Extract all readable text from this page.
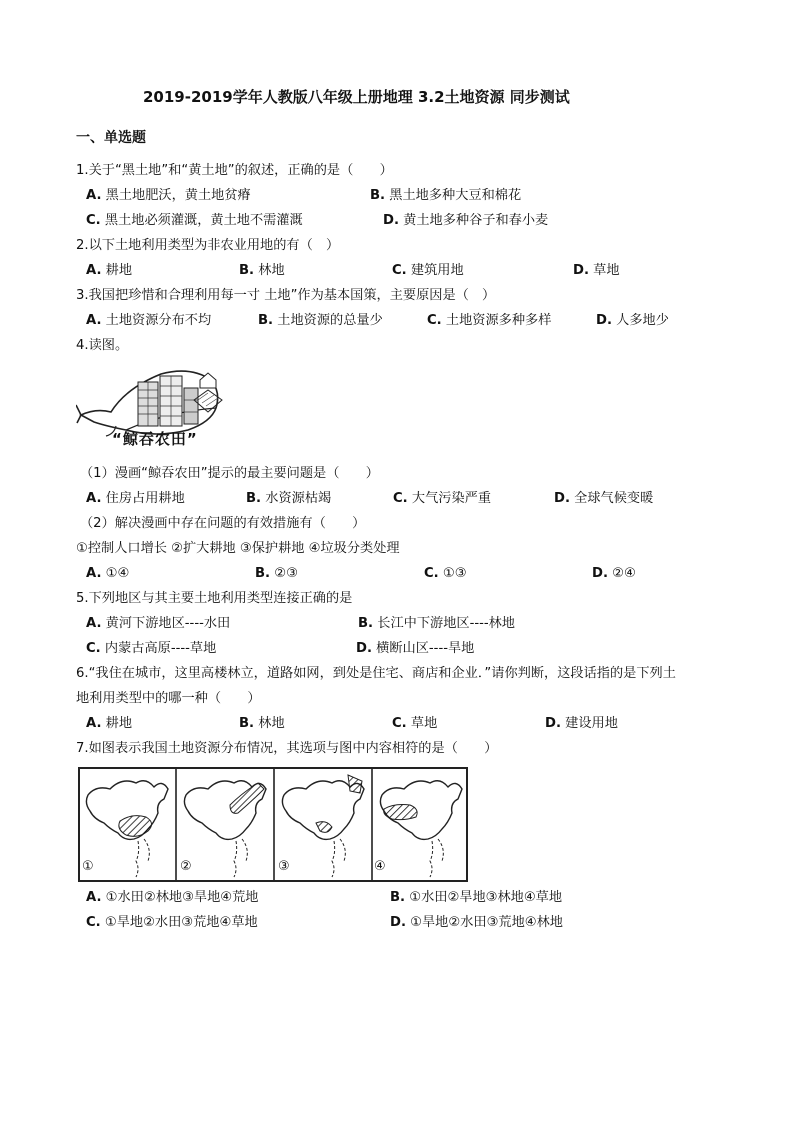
2019-2019学年人教版八年级上册地理 3.2土地资源 同步测试
一、单选题
1.关于“黑土地”和“黄土地”的叙述，正确的是（　　）
A. 黑土地肥沃，黄土地贫瘠	B. 黑土地多种大豆和棉花
C. 黑土地必须灌溉，黄土地不需灌溉	D. 黄土地多种谷子和春小麦
2.以下土地利用类型为非农业用地的有（　）
A. 耕地	B. 林地	C. 建筑用地	D. 草地
3.我国把珍惜和合理利用每一寸 土地”作为基本国策，主要原因是（　）
A. 土地资源分布不均	B. 土地资源的总量少	C. 土地资源多种多样	D. 人多地少
4.读图。
“鲸吞农田”
（1）漫画“鲸吞农田”提示的最主要问题是（　　）
A. 住房占用耕地	B. 水资源枯竭	C. 大气污染严重	D. 全球气候变暖
（2）解决漫画中存在问题的有效措施有（　　）
①控制人口增长 ②扩大耕地 ③保护耕地 ④垃圾分类处理
A. ①④	B. ②③	C. ①③	D. ②④
5.下列地区与其主要土地利用类型连接正确的是
A. 黄河下游地区----水田	B. 长江中下游地区----林地
C. 内蒙古高原----草地	D. 横断山区----旱地
6.“我住在城市，这里高楼林立，道路如网，到处是住宅、商店和企业．”请你判断，这段话指的是下列土
地利用类型中的哪一种（　　）
A. 耕地	B. 林地	C. 草地	D. 建设用地
7.如图表示我国土地资源分布情况，其选项与图中内容相符的是（　　）
①	②	③	④
A. ①水田②林地③旱地④荒地	B. ①水田②旱地③林地④草地
C. ①旱地②水田③荒地④草地	D. ①旱地②水田③荒地④林地
